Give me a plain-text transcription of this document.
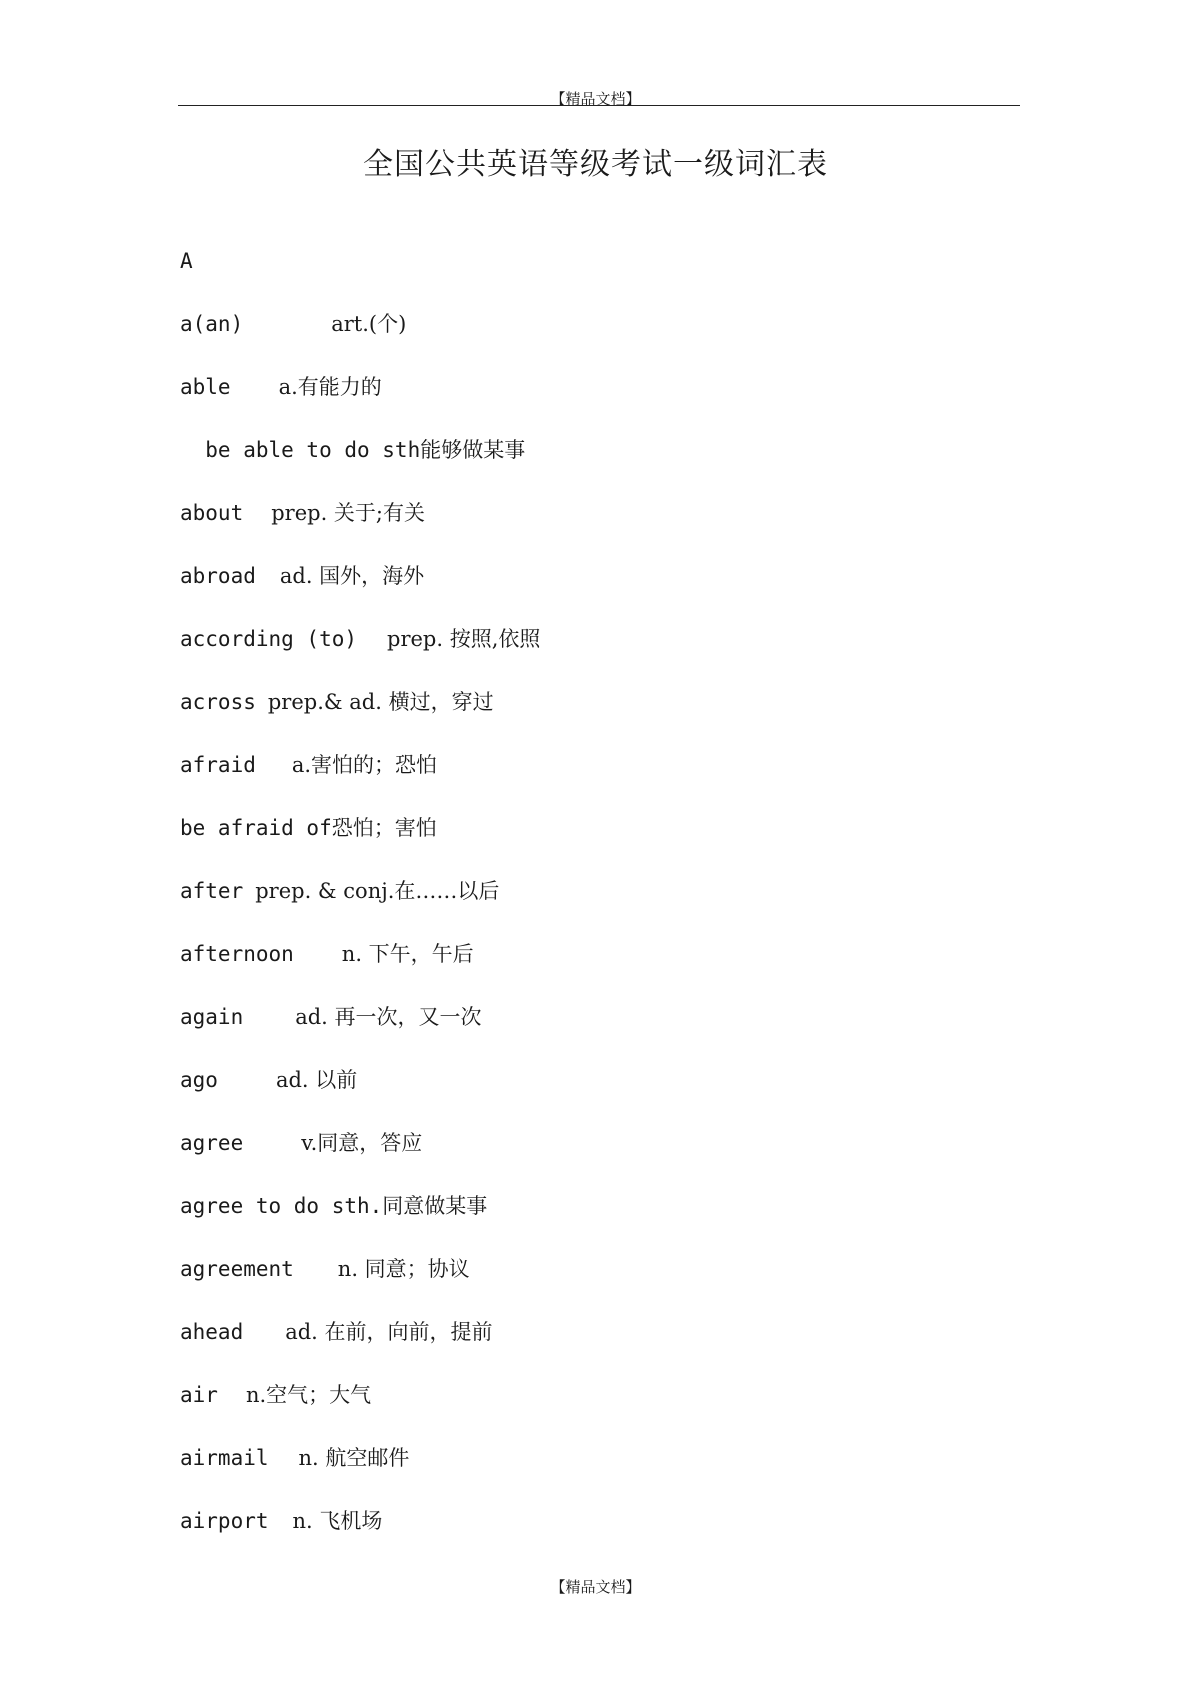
【精品文档】
全国公共英语等级考试一级词汇表
A
a(an)	art.(个)
able a.有能力的
be able to do sth能够做某事
about prep. 关于;有关
abroad ad. 国外，海外
according (to) prep. 按照,依照
across prep.& ad. 横过，穿过
afraid a.害怕的；恐怕
be afraid of恐怕；害怕
after prep. & conj.在……以后
afternoon n. 下午，午后
again ad. 再一次，又一次
ago	ad. 以前
agree	v.同意，答应
agree to do sth.同意做某事
agreement n. 同意；协议
ahead ad. 在前，向前，提前
air n.空气；大气
airmail n. 航空邮件
airport n. 飞机场
【精品文档】
